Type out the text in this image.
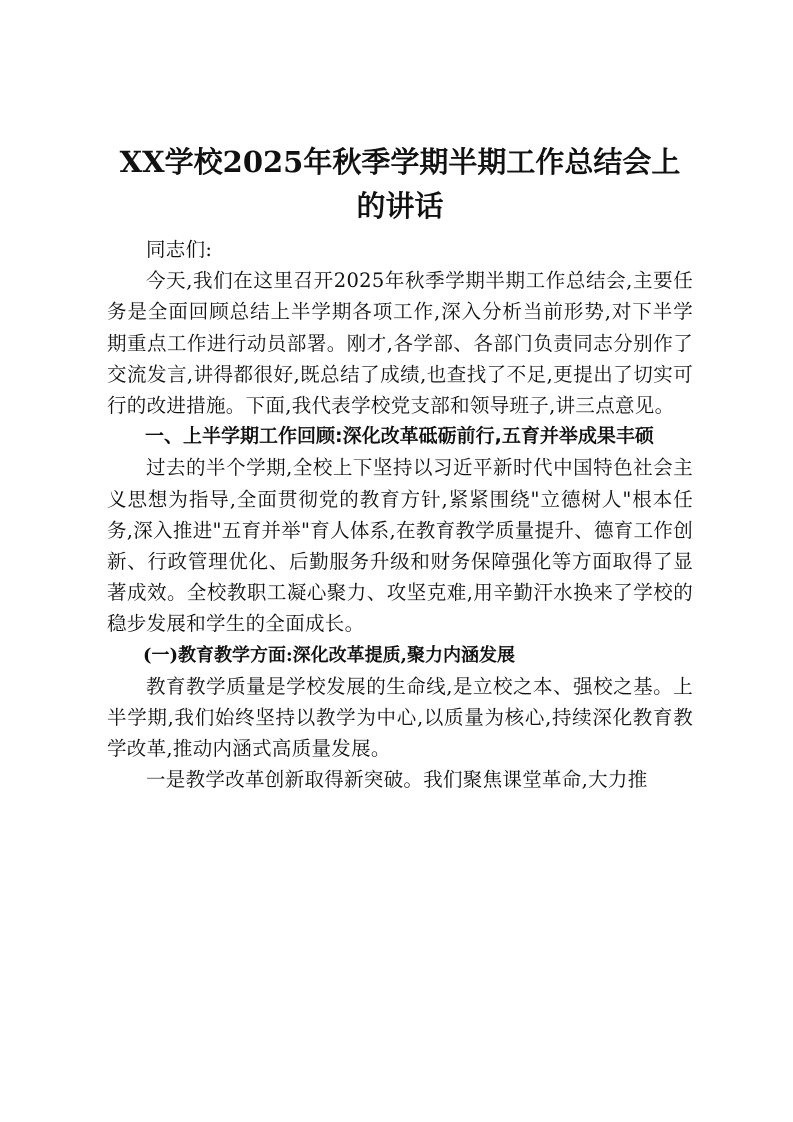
XX学校2025年秋季学期半期工作总结会上的讲话

同志们:

今天,我们在这里召开2025年秋季学期半期工作总结会,主要任务是全面回顾总结上半学期各项工作,深入分析当前形势,对下半学期重点工作进行动员部署。刚才,各学部、各部门负责同志分别作了交流发言,讲得都很好,既总结了成绩,也查找了不足,更提出了切实可行的改进措施。下面,我代表学校党支部和领导班子,讲三点意见。

一、上半学期工作回顾:深化改革砥砺前行,五育并举成果丰硕

过去的半个学期,全校上下坚持以习近平新时代中国特色社会主义思想为指导,全面贯彻党的教育方针,紧紧围绕"立德树人"根本任务,深入推进"五育并举"育人体系,在教育教学质量提升、德育工作创新、行政管理优化、后勤服务升级和财务保障强化等方面取得了显著成效。全校教职工凝心聚力、攻坚克难,用辛勤汗水换来了学校的稳步发展和学生的全面成长。

(一)教育教学方面:深化改革提质,聚力内涵发展

教育教学质量是学校发展的生命线,是立校之本、强校之基。上半学期,我们始终坚持以教学为中心,以质量为核心,持续深化教育教学改革,推动内涵式高质量发展。

一是教学改革创新取得新突破。我们聚焦课堂革命,大力推
